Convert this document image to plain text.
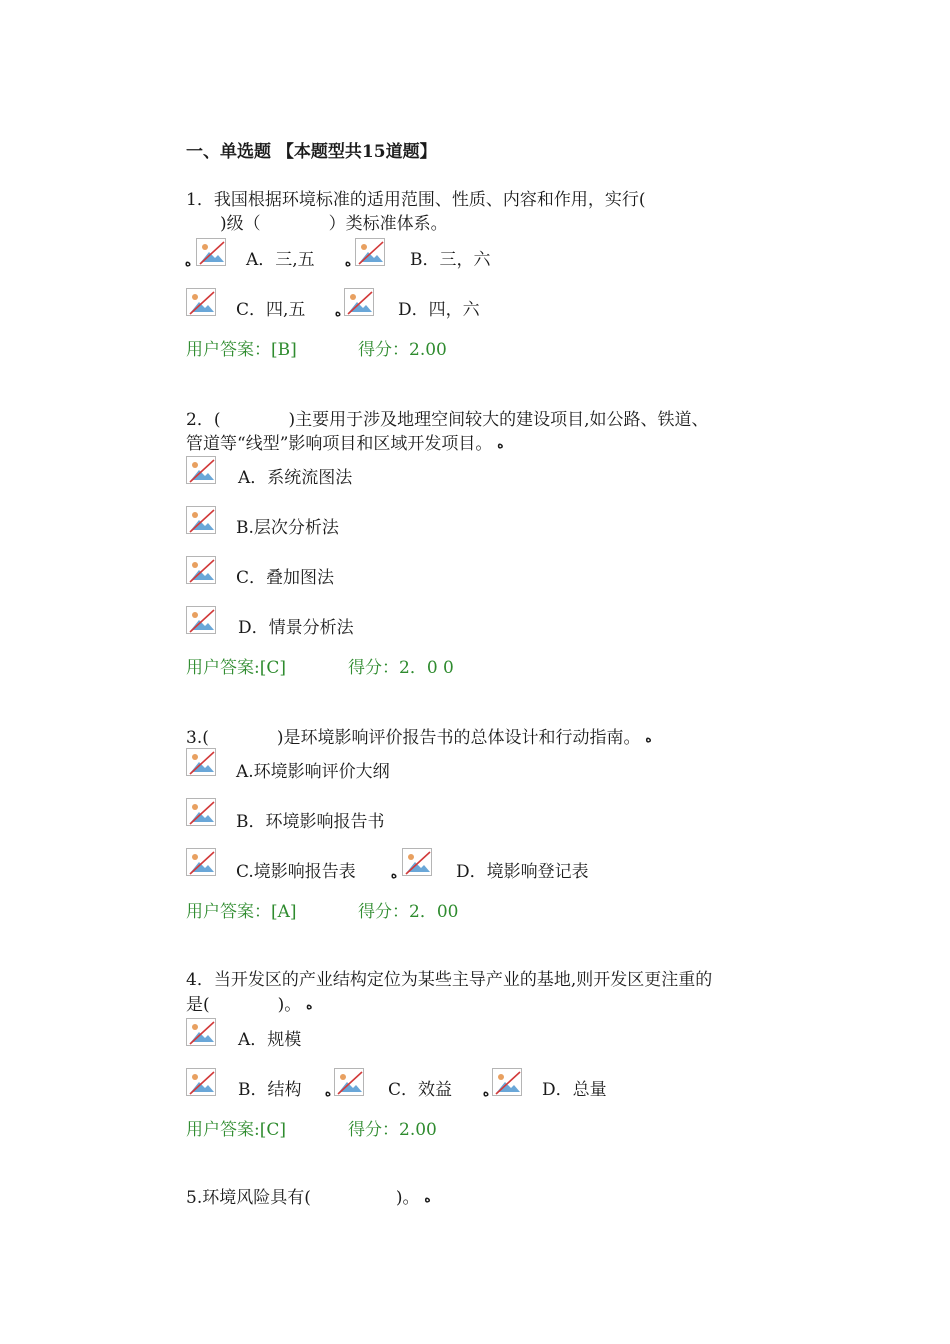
一、单选题 【本题型共15道题】
1．我国根据环境标准的适用范围、性质、内容和作用，实行(
　　)级（　　　　）类标准体系。
ه
A．三,五 ه	B．三，六
C．四,五 ه	D．四，六
用户答案：[B]	得分：2.00
2．(　　　　)主要用于涉及地理空间较大的建设项目,如公路、铁道、
管道等“线型”影响项目和区域开发项目。ه
A．系统流图法
B.层次分析法
C．叠加图法
D．情景分析法
用户答案:[C]	得分：2．0 0
3.(　　　　)是环境影响评价报告书的总体设计和行动指南。ه
A.环境影响评价大纲
B．环境影响报告书
C.境影响报告表 ه	D．境影响登记表
用户答案：[A]	得分：2．00
4．当开发区的产业结构定位为某些主导产业的基地,则开发区更注重的
是(　　　　)。ه
A．规模
B．结构 ه	C．效益 ه	D．总量
用户答案:[C]	得分：2.00
5.环境风险具有(　　　　　)。ه
